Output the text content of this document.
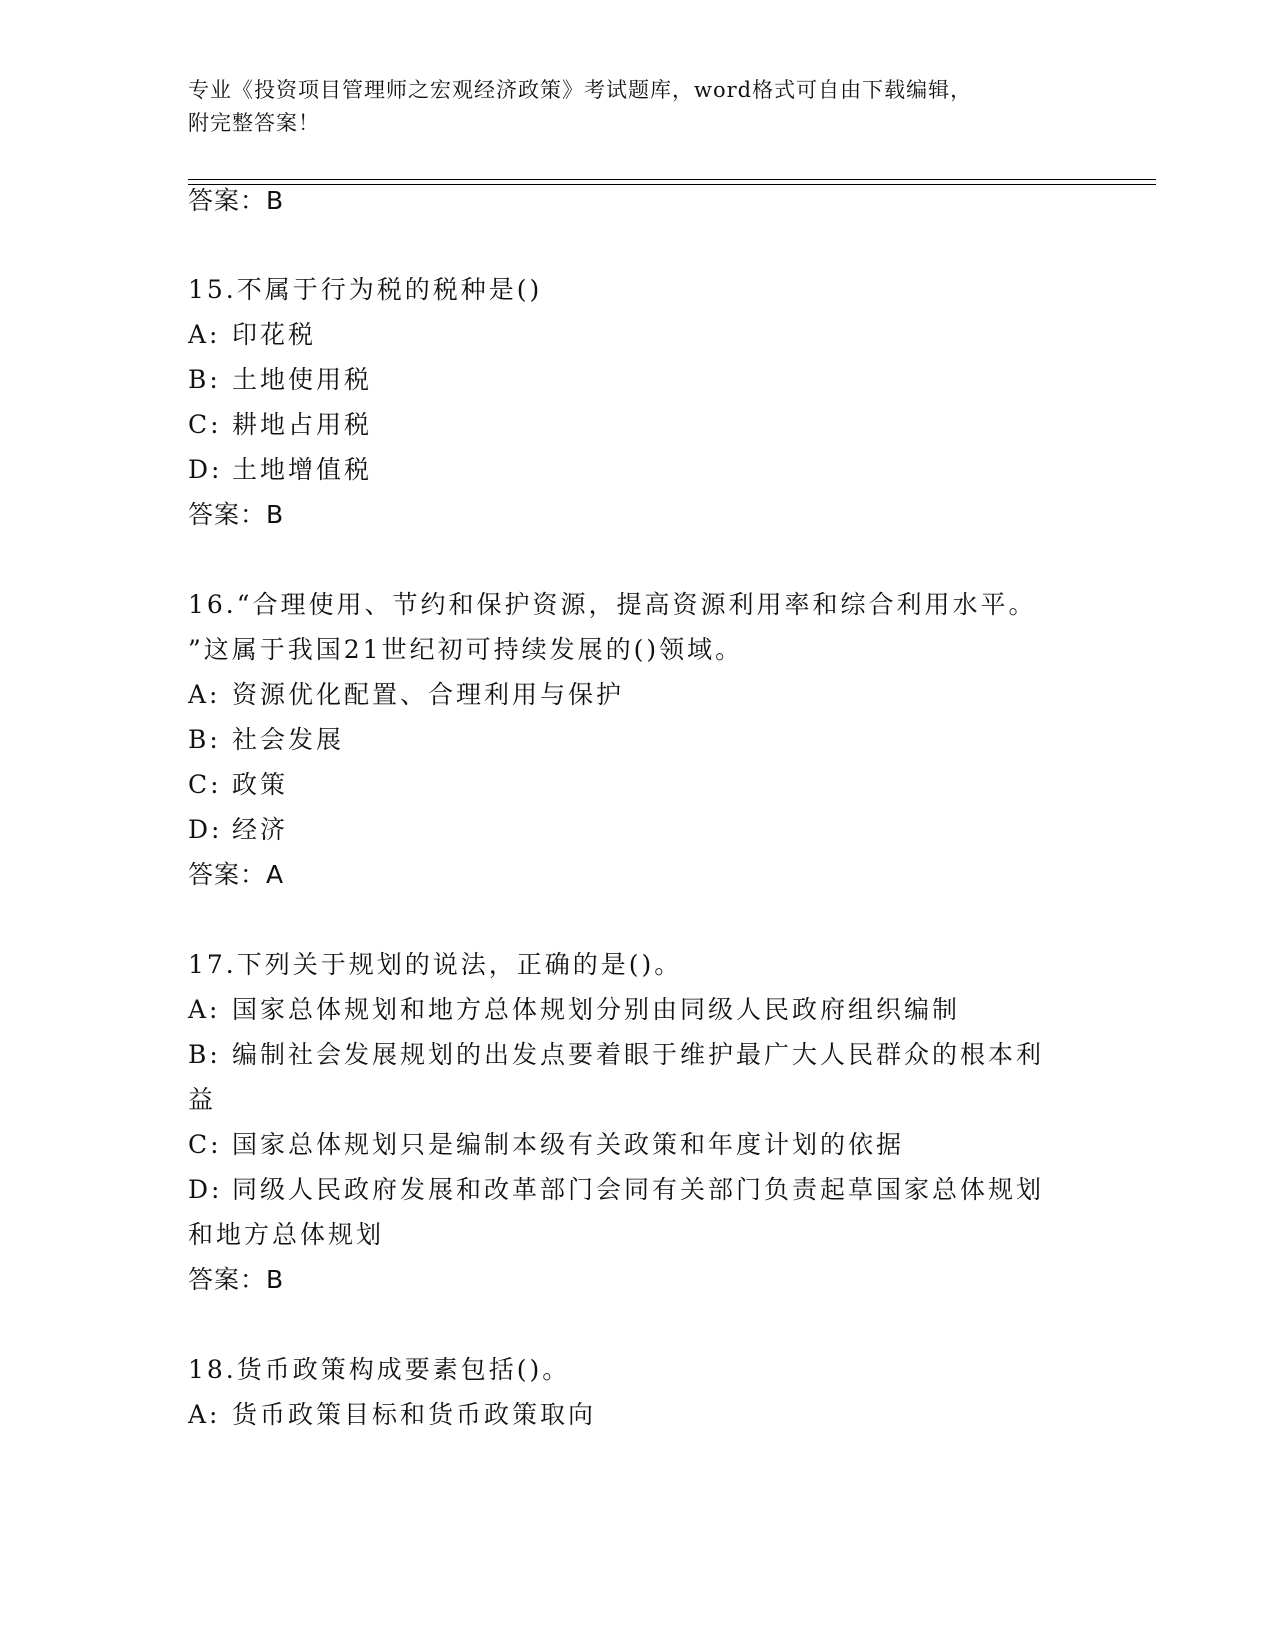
专业《投资项目管理师之宏观经济政策》考试题库，word格式可自由下载编辑，
附完整答案！
答案：B
15.不属于行为税的税种是()
A: 印花税
B: 土地使用税
C: 耕地占用税
D: 土地增值税
答案：B
16.“合理使用、节约和保护资源，提高资源利用率和综合利用水平。
”这属于我国21世纪初可持续发展的()领域。
A: 资源优化配置、合理利用与保护
B: 社会发展
C: 政策
D: 经济
答案：A
17.下列关于规划的说法，正确的是()。
A: 国家总体规划和地方总体规划分别由同级人民政府组织编制
B: 编制社会发展规划的出发点要着眼于维护最广大人民群众的根本利
益
C: 国家总体规划只是编制本级有关政策和年度计划的依据
D: 同级人民政府发展和改革部门会同有关部门负责起草国家总体规划
和地方总体规划
答案：B
18.货币政策构成要素包括()。
A: 货币政策目标和货币政策取向
